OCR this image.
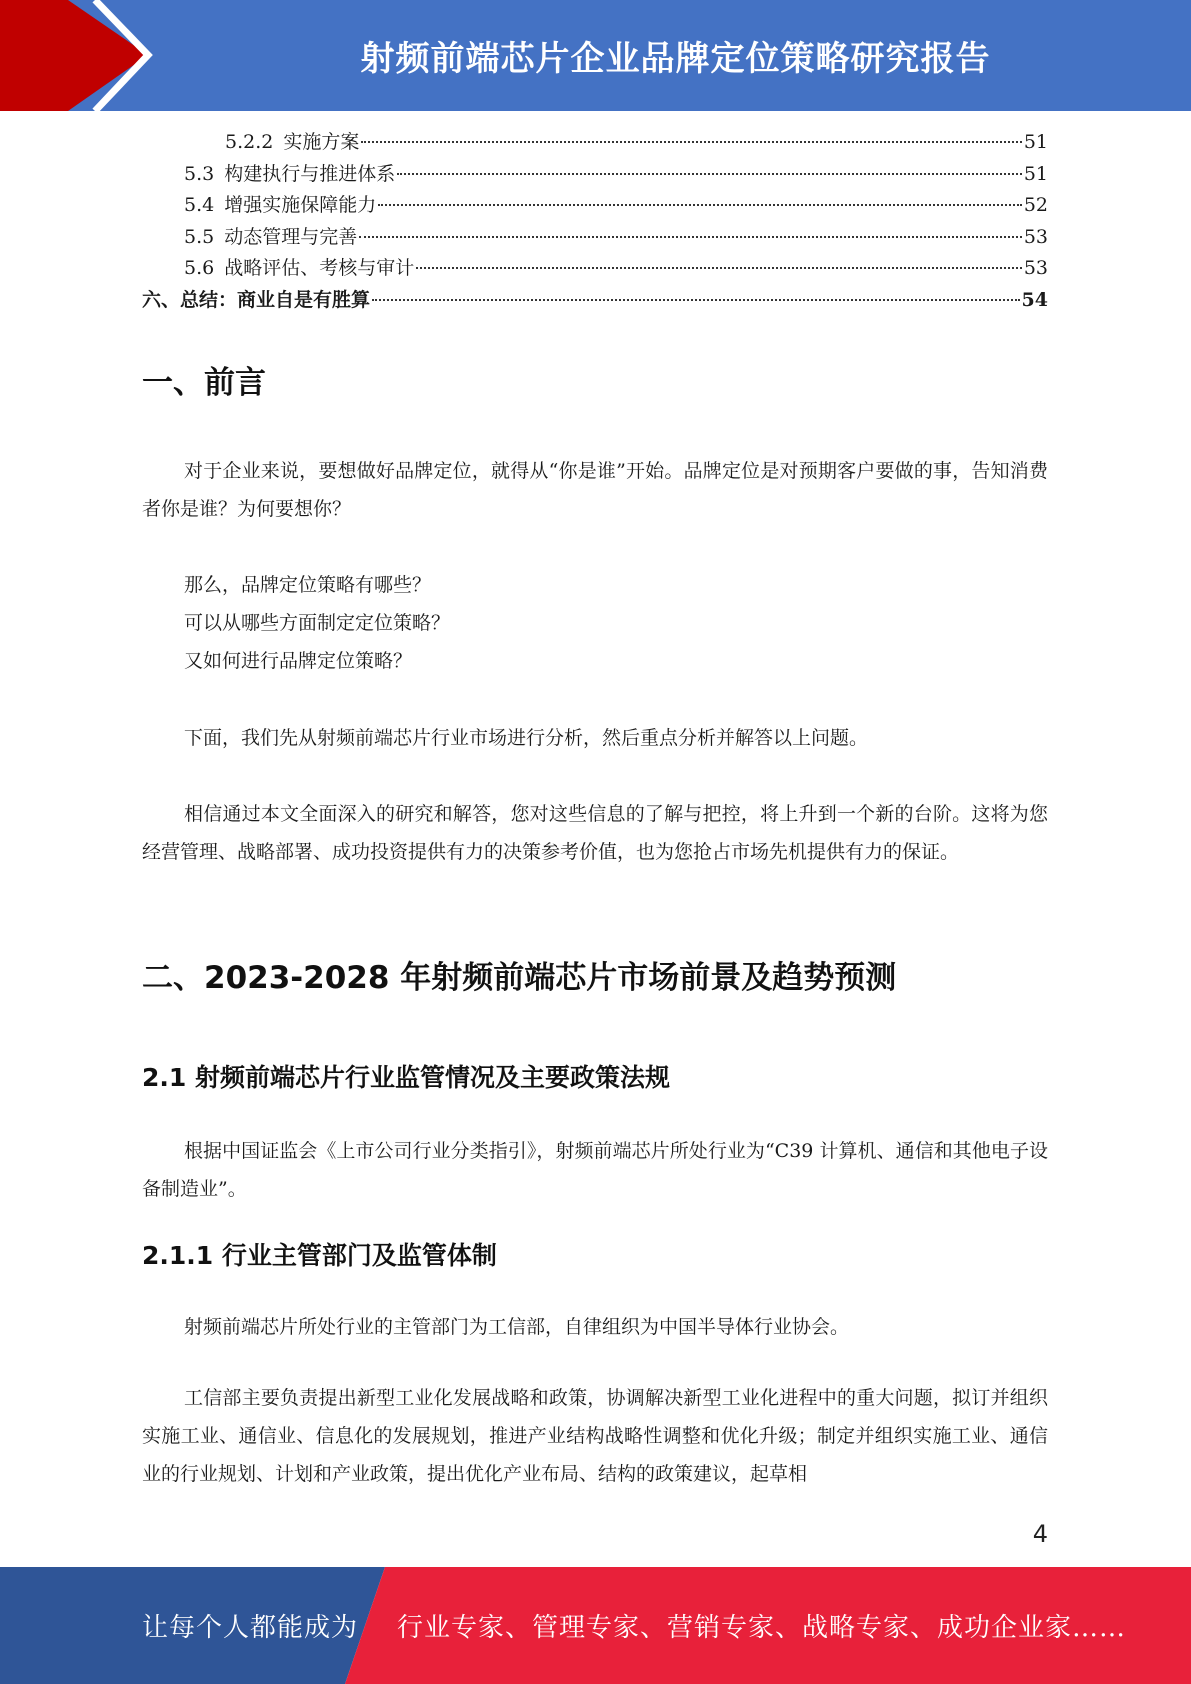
射频前端芯片企业品牌定位策略研究报告
5.2.2 实施方案	51
5.3 构建执行与推进体系	51
5.4 增强实施保障能力	52
5.5 动态管理与完善	53
5.6 战略评估、考核与审计	53
六、总结：商业自是有胜算	54
一、前言
对于企业来说，要想做好品牌定位，就得从“你是谁”开始。品牌定位是对预期客户要做的事，告知消费者你是谁？为何要想你？
那么，品牌定位策略有哪些？
可以从哪些方面制定定位策略？
又如何进行品牌定位策略？
下面，我们先从射频前端芯片行业市场进行分析，然后重点分析并解答以上问题。
相信通过本文全面深入的研究和解答，您对这些信息的了解与把控，将上升到一个新的台阶。这将为您经营管理、战略部署、成功投资提供有力的决策参考价值，也为您抢占市场先机提供有力的保证。
二、2023-2028 年射频前端芯片市场前景及趋势预测
2.1 射频前端芯片行业监管情况及主要政策法规
根据中国证监会《上市公司行业分类指引》，射频前端芯片所处行业为“C39 计算机、通信和其他电子设备制造业”。
2.1.1 行业主管部门及监管体制
射频前端芯片所处行业的主管部门为工信部，自律组织为中国半导体行业协会。
工信部主要负责提出新型工业化发展战略和政策，协调解决新型工业化进程中的重大问题，拟订并组织实施工业、通信业、信息化的发展规划，推进产业结构战略性调整和优化升级；制定并组织实施工业、通信业的行业规划、计划和产业政策，提出优化产业布局、结构的政策建议，起草相
4
让每个人都能成为 行业专家、管理专家、营销专家、战略专家、成功企业家……
